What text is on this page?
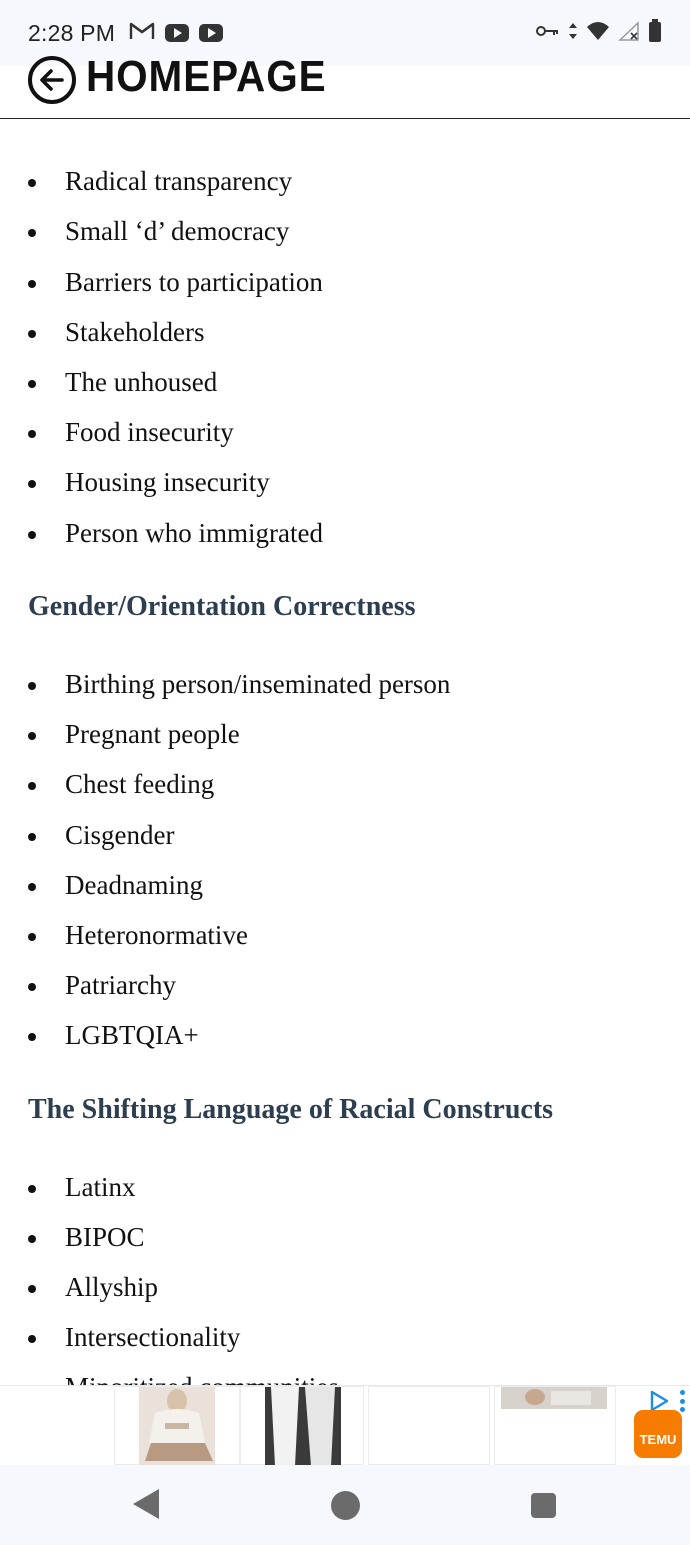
2:28 PM
HOMEPAGE
Radical transparency
Small ‘d’ democracy
Barriers to participation
Stakeholders
The unhoused
Food insecurity
Housing insecurity
Person who immigrated
Gender/Orientation Correctness
Birthing person/inseminated person
Pregnant people
Chest feeding
Cisgender
Deadnaming
Heteronormative
Patriarchy
LGBTQIA+
The Shifting Language of Racial Constructs
Latinx
BIPOC
Allyship
Intersectionality
TEMU
